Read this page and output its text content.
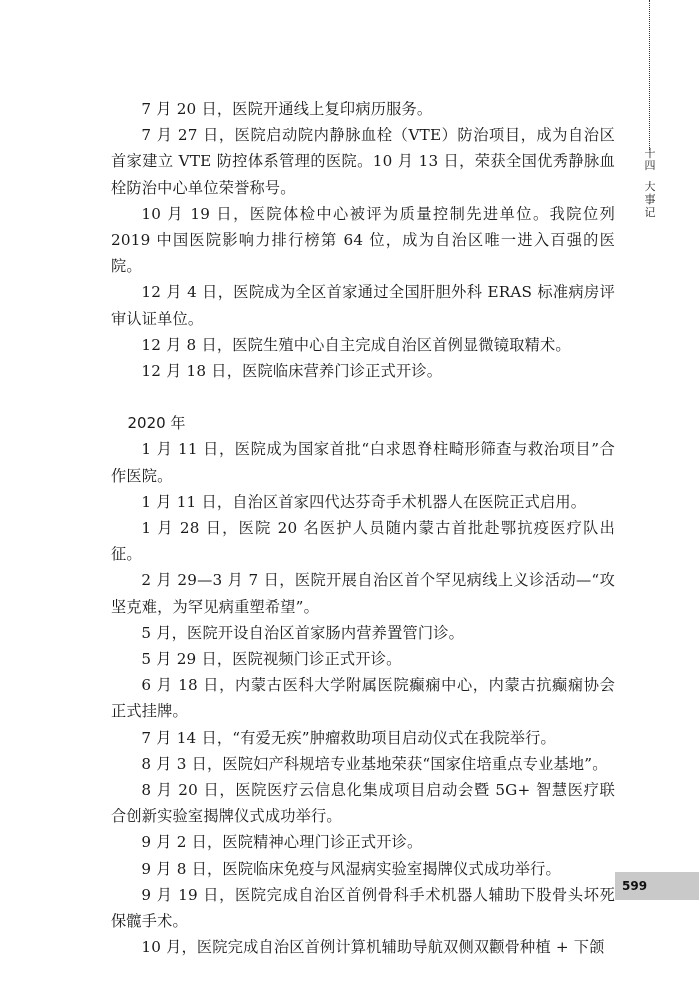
十四
大事记

7 月 20 日，医院开通线上复印病历服务。

7 月 27 日，医院启动院内静脉血栓（VTE）防治项目，成为自治区首家建立 VTE 防控体系管理的医院。10 月 13 日，荣获全国优秀静脉血栓防治中心单位荣誉称号。

10 月 19 日，医院体检中心被评为质量控制先进单位。我院位列 2019 中国医院影响力排行榜第 64 位，成为自治区唯一进入百强的医院。

12 月 4 日，医院成为全区首家通过全国肝胆外科 ERAS 标准病房评审认证单位。

12 月 8 日，医院生殖中心自主完成自治区首例显微镜取精术。

12 月 18 日，医院临床营养门诊正式开诊。

2020 年

1 月 11 日，医院成为国家首批“白求恩脊柱畸形筛查与救治项目”合作医院。

1 月 11 日，自治区首家四代达芬奇手术机器人在医院正式启用。

1 月 28 日，医院 20 名医护人员随内蒙古首批赴鄂抗疫医疗队出征。

2 月 29—3 月 7 日，医院开展自治区首个罕见病线上义诊活动—“攻坚克难，为罕见病重塑希望”。

5 月，医院开设自治区首家肠内营养置管门诊。

5 月 29 日，医院视频门诊正式开诊。

6 月 18 日，内蒙古医科大学附属医院癫痫中心，内蒙古抗癫痫协会正式挂牌。

7 月 14 日，“有爱无疾”肿瘤救助项目启动仪式在我院举行。

8 月 3 日，医院妇产科规培专业基地荣获“国家住培重点专业基地”。

8 月 20 日，医院医疗云信息化集成项目启动会暨 5G+ 智慧医疗联合创新实验室揭牌仪式成功举行。

9 月 2 日，医院精神心理门诊正式开诊。

9 月 8 日，医院临床免疫与风湿病实验室揭牌仪式成功举行。

9 月 19 日，医院完成自治区首例骨科手术机器人辅助下股骨头坏死保髋手术。

10 月，医院完成自治区首例计算机辅助导航双侧双颧骨种植 + 下颌

599
